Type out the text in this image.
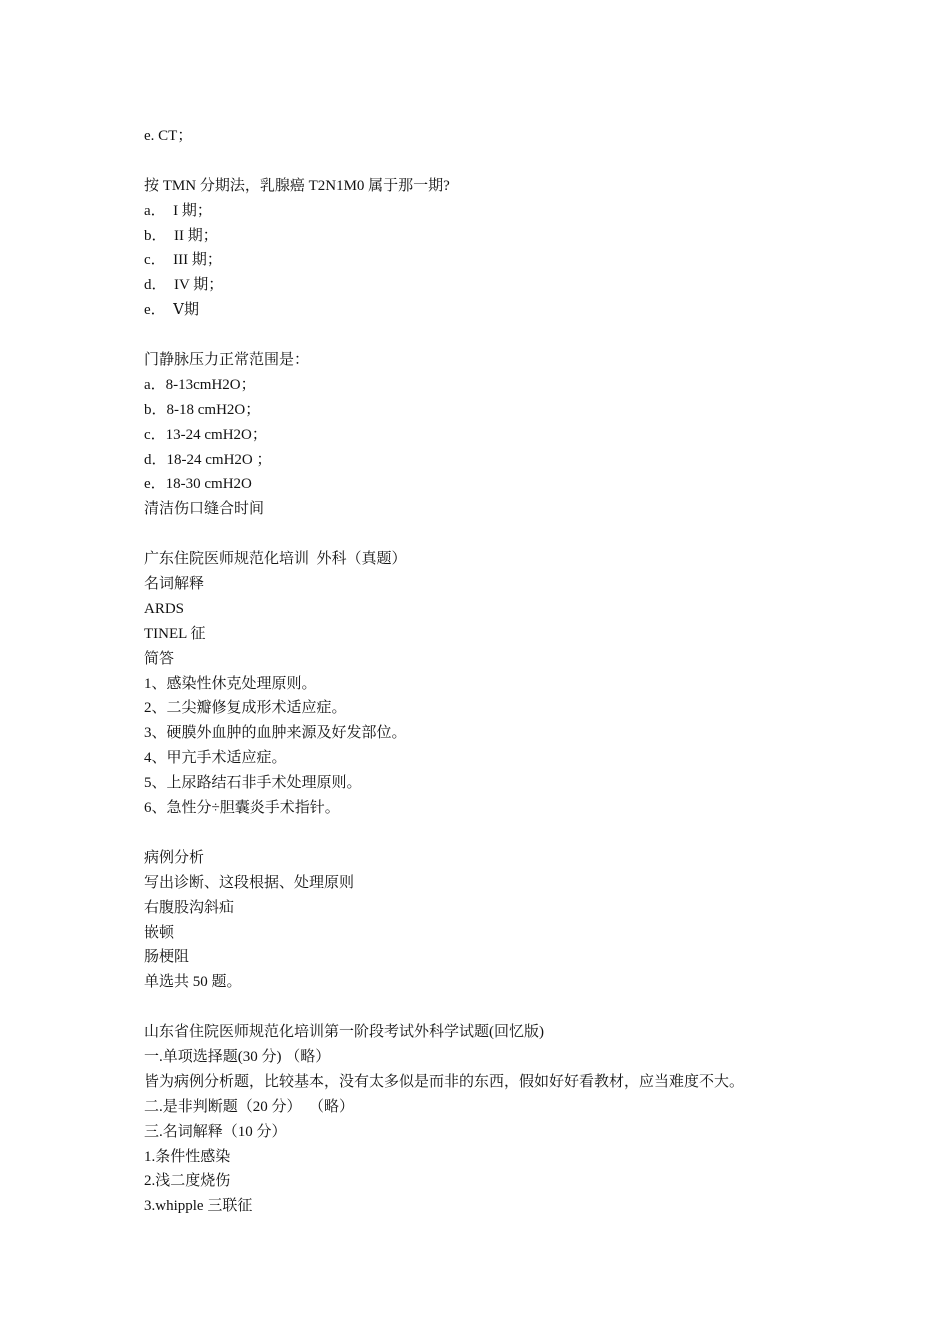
e. CT；
按 TMN 分期法，乳腺癌 T2N1M0 属于那一期?
a．  I 期；
b．  II 期；
c．  III 期；
d．  IV 期；
e．  Ⅴ期
门静脉压力正常范围是：
a．8-13cmH2O；
b．8-18 cmH2O；
c．13-24 cmH2O；
d．18-24 cmH2O ；
e．18-30 cmH2O
清洁伤口缝合时间
广东住院医师规范化培训  外科（真题）
名词解释
ARDS
TINEL 征
简答
1、感染性休克处理原则。
2、二尖瓣修复成形术适应症。
3、硬膜外血肿的血肿来源及好发部位。
4、甲亢手术适应症。
5、上尿路结石非手术处理原则。
6、急性分÷胆囊炎手术指针。
病例分析
写出诊断、这段根据、处理原则
右腹股沟斜疝
嵌顿
肠梗阻
单选共 50 题。
山东省住院医师规范化培训第一阶段考试外科学试题(回忆版)
一.单项选择题(30 分) （略）
皆为病例分析题，比较基本，没有太多似是而非的东西，假如好好看教材，应当难度不大。
二.是非判断题（20 分）  （略）
三.名词解释（10 分）
1.条件性感染
2.浅二度烧伤
3.whipple 三联征
